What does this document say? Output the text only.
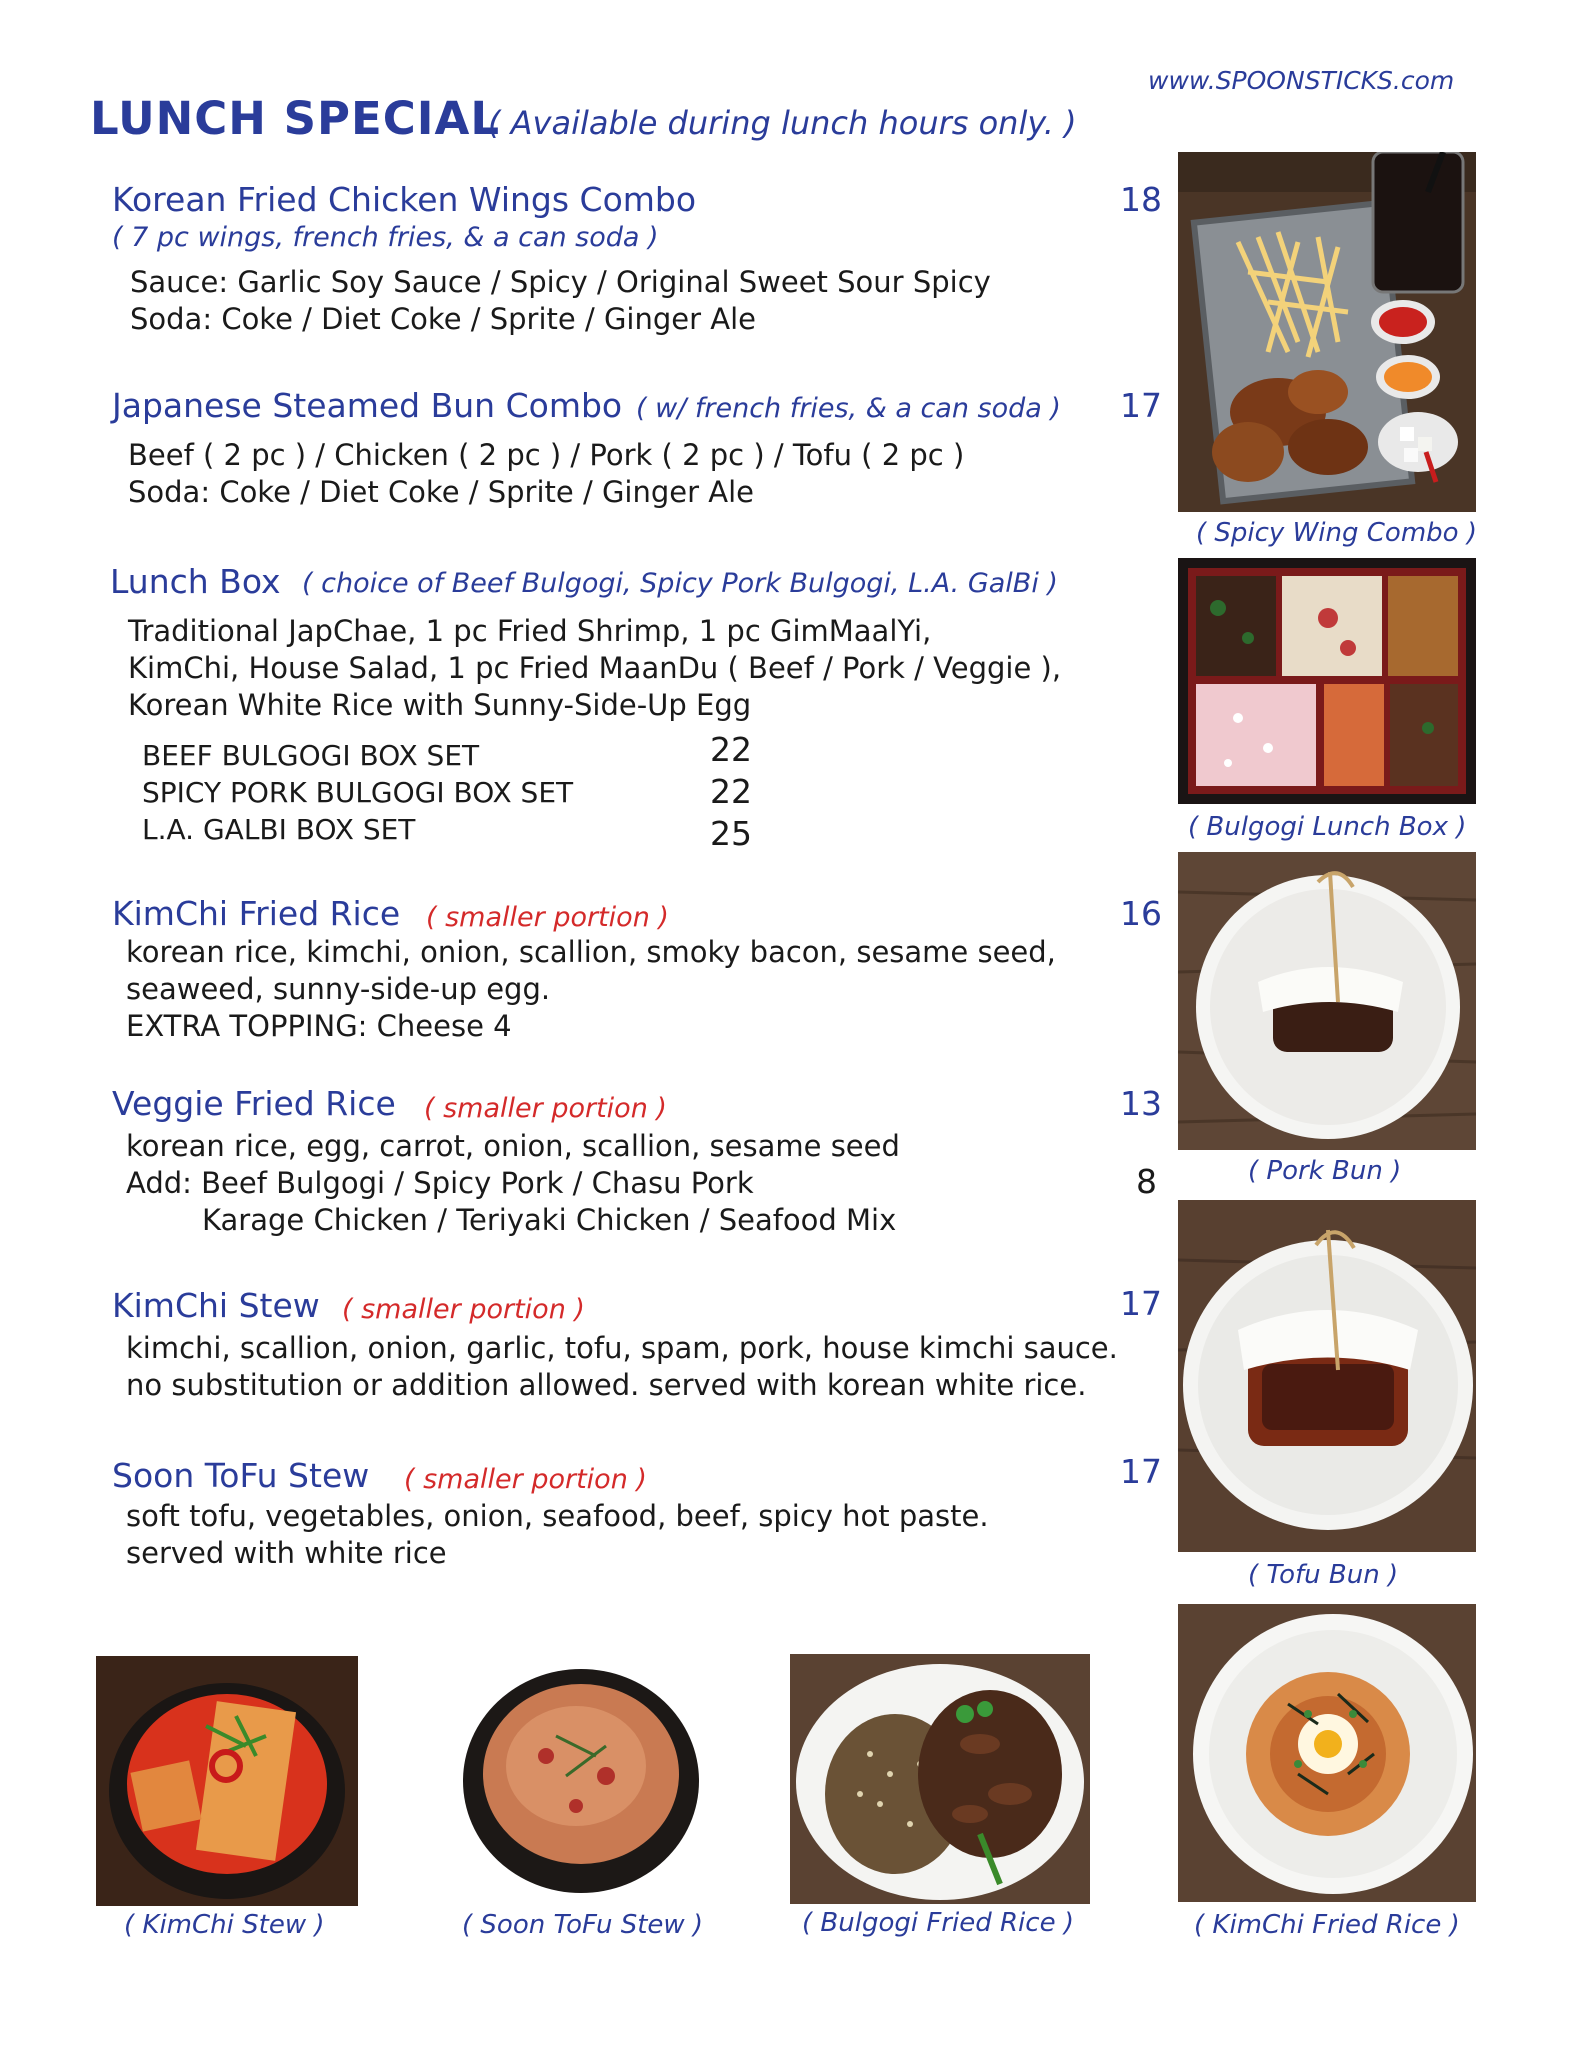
www.SPOONSTICKS.com
LUNCH SPECIAL
( Available during lunch hours only. )
Korean Fried Chicken Wings Combo
( 7 pc wings, french fries, & a can soda )
Sauce: Garlic Soy Sauce / Spicy / Original Sweet Sour Spicy
Soda: Coke / Diet Coke / Sprite / Ginger Ale
18
Japanese Steamed Bun Combo ( w/ french fries, & a can soda )
Beef ( 2 pc ) / Chicken ( 2 pc ) / Pork ( 2 pc ) / Tofu ( 2 pc )
Soda: Coke / Diet Coke / Sprite / Ginger Ale
17
Lunch Box ( choice of Beef Bulgogi, Spicy Pork Bulgogi, L.A. GalBi )
Traditional JapChae, 1 pc Fried Shrimp, 1 pc GimMaalYi,
KimChi, House Salad, 1 pc Fried MaanDu ( Beef / Pork / Veggie ),
Korean White Rice with Sunny-Side-Up Egg
BEEF BULGOGI BOX SET	22
SPICY PORK BULGOGI BOX SET	22
L.A. GALBI BOX SET	25
KimChi Fried Rice ( smaller portion )
korean rice, kimchi, onion, scallion, smoky bacon, sesame seed,
seaweed, sunny-side-up egg.
EXTRA TOPPING: Cheese 4
16
Veggie Fried Rice ( smaller portion )
korean rice, egg, carrot, onion, scallion, sesame seed
Add: Beef Bulgogi / Spicy Pork / Chasu Pork
Karage Chicken / Teriyaki Chicken / Seafood Mix
13
8
KimChi Stew ( smaller portion )
kimchi, scallion, onion, garlic, tofu, spam, pork, house kimchi sauce.
no substitution or addition allowed. served with korean white rice.
17
Soon ToFu Stew ( smaller portion )
soft tofu, vegetables, onion, seafood, beef, spicy hot paste.
served with white rice
17
( Spicy Wing Combo )
( Bulgogi Lunch Box )
( Pork Bun )
( Tofu Bun )
( KimChi Fried Rice )
( KimChi Stew )	( Soon ToFu Stew )	( Bulgogi Fried Rice )
